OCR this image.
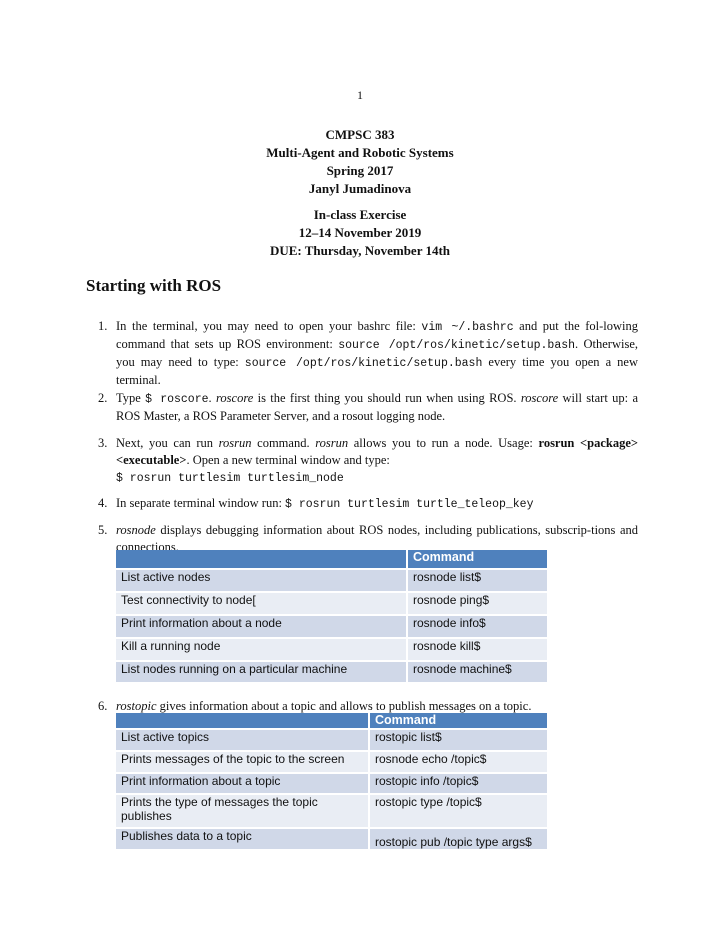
1
CMPSC 383
Multi-Agent and Robotic Systems
Spring 2017
Janyl Jumadinova
In-class Exercise
12–14 November 2019
DUE: Thursday, November 14th
Starting with ROS
1. In the terminal, you may need to open your bashrc file: vim ~/.bashrc and put the fol-lowing command that sets up ROS environment: source /opt/ros/kinetic/setup.bash. Otherwise, you may need to type: source /opt/ros/kinetic/setup.bash every time you open a new terminal.
2. Type $ roscore. roscore is the first thing you should run when using ROS. roscore will start up: a ROS Master, a ROS Parameter Server, and a rosout logging node.
3. Next, you can run rosrun command. rosrun allows you to run a node. Usage: rosrun <package> <executable>. Open a new terminal window and type:
$ rosrun turtlesim turtlesim_node
4. In separate terminal window run: $ rosrun turtlesim turtle_teleop_key
5. rosnode displays debugging information about ROS nodes, including publications, subscrip-tions and connections.
	Command
List active nodes	rosnode list$
Test connectivity to node[	rosnode ping$
Print information about a node	rosnode info$
Kill a running node	rosnode kill$
List nodes running on a particular machine	rosnode machine$
6. rostopic gives information about a topic and allows to publish messages on a topic.
	Command
List active topics	rostopic list$
Prints messages of the topic to the screen	rosnode echo /topic$
Print information about a topic	rostopic info /topic$
Prints the type of messages the topic publishes	rostopic type /topic$
Publishes data to a topic	rostopic pub /topic type args$
